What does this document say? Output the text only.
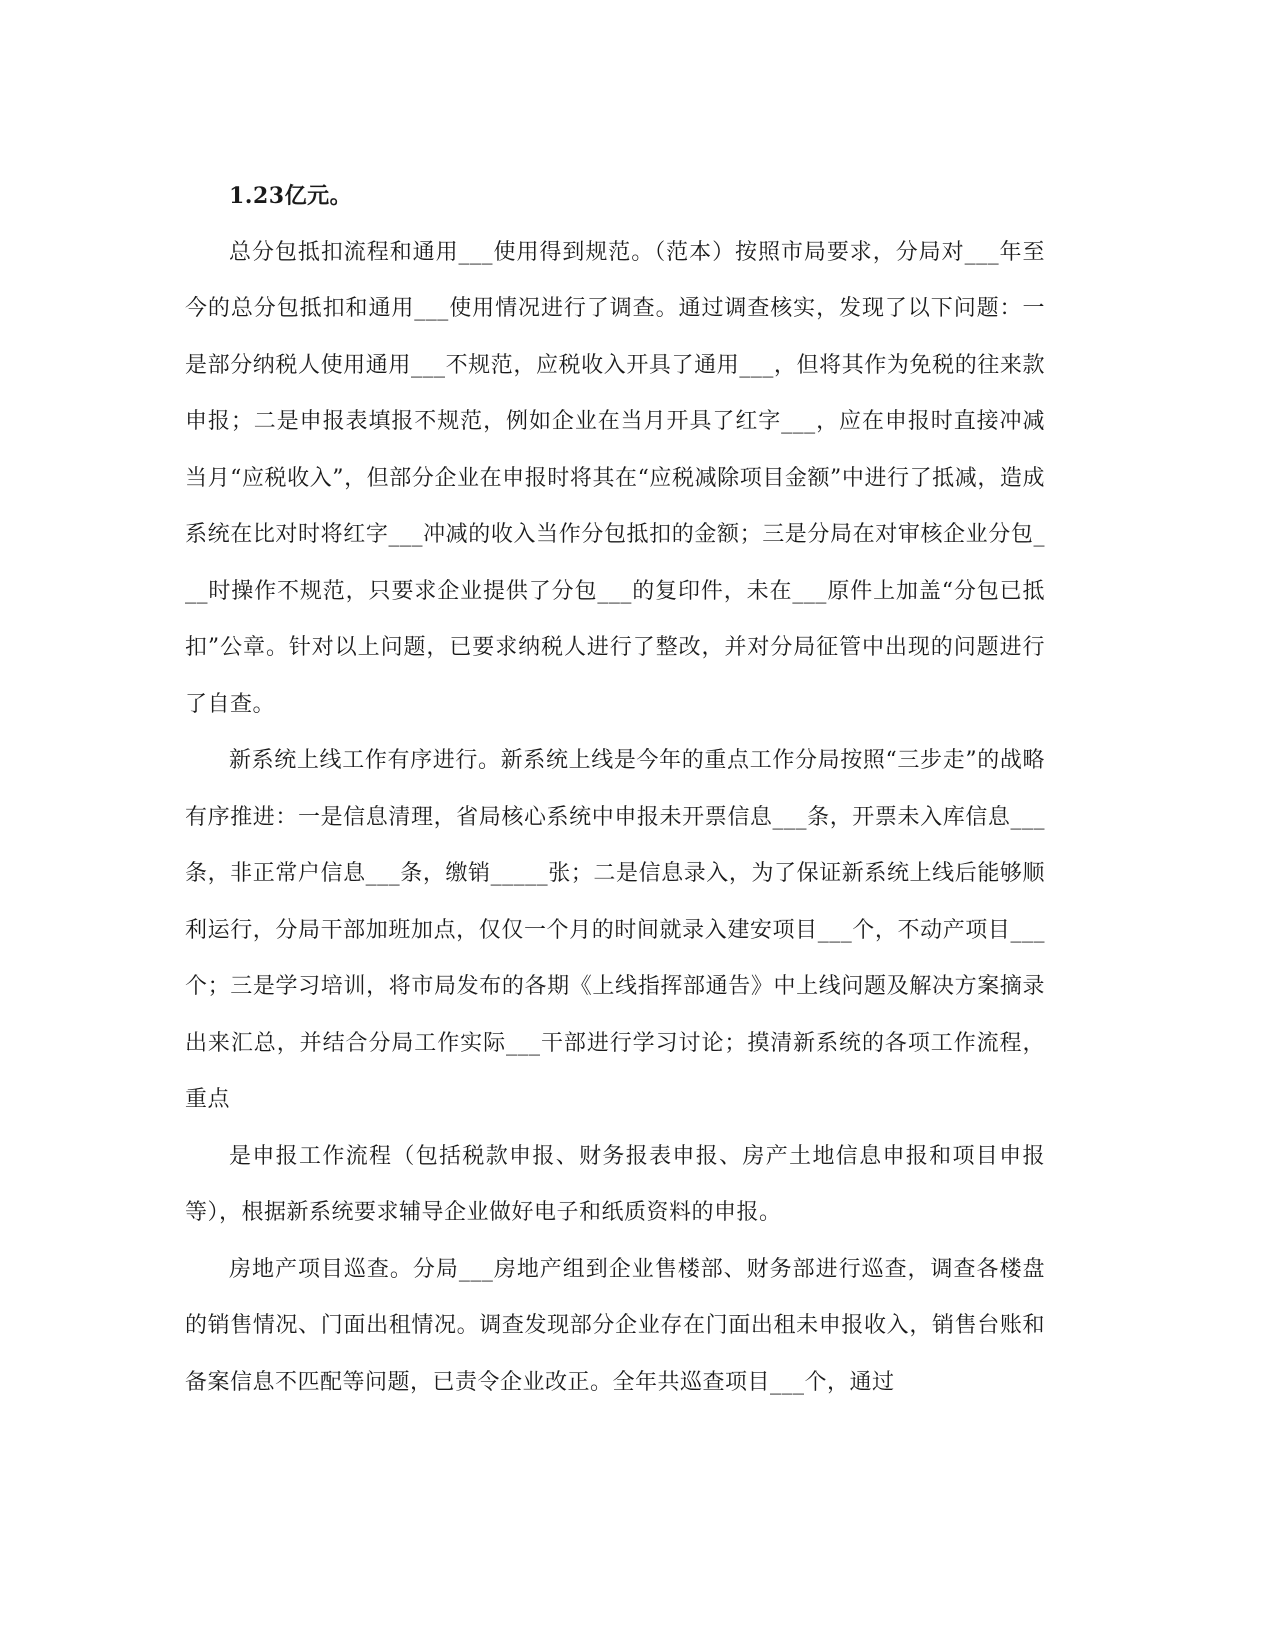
1.23亿元。

总分包抵扣流程和通用___使用得到规范。（范本）按照市局要求，分局对___年至今的总分包抵扣和通用___使用情况进行了调查。通过调查核实，发现了以下问题：一是部分纳税人使用通用___不规范，应税收入开具了通用___，但将其作为免税的往来款申报；二是申报表填报不规范，例如企业在当月开具了红字___，应在申报时直接冲减当月“应税收入”，但部分企业在申报时将其在“应税减除项目金额”中进行了抵减，造成系统在比对时将红字___冲减的收入当作分包抵扣的金额；三是分局在对审核企业分包___时操作不规范，只要求企业提供了分包___的复印件，未在___原件上加盖“分包已抵扣”公章。针对以上问题，已要求纳税人进行了整改，并对分局征管中出现的问题进行了自查。

新系统上线工作有序进行。新系统上线是今年的重点工作分局按照“三步走”的战略有序推进：一是信息清理，省局核心系统中申报未开票信息___条，开票未入库信息___条，非正常户信息___条，缴销_____张；二是信息录入，为了保证新系统上线后能够顺利运行，分局干部加班加点，仅仅一个月的时间就录入建安项目___个，不动产项目___个；三是学习培训，将市局发布的各期《上线指挥部通告》中上线问题及解决方案摘录出来汇总，并结合分局工作实际___干部进行学习讨论；摸清新系统的各项工作流程，重点

是申报工作流程（包括税款申报、财务报表申报、房产土地信息申报和项目申报等），根据新系统要求辅导企业做好电子和纸质资料的申报。

房地产项目巡查。分局___房地产组到企业售楼部、财务部进行巡查，调查各楼盘的销售情况、门面出租情况。调查发现部分企业存在门面出租未申报收入，销售台账和备案信息不匹配等问题，已责令企业改正。全年共巡查项目___个，通过
